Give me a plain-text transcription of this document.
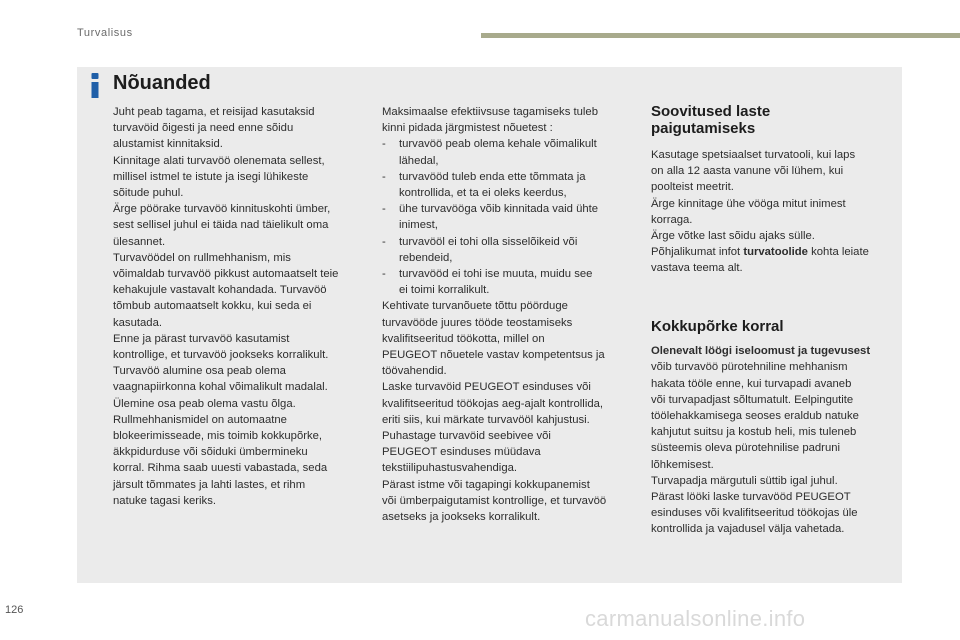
Turvalisus
Nõuanded

Juht peab tagama, et reisijad kasutaksid

turvavöid õigesti ja need enne sõidu

alustamist kinnitaksid.

Kinnitage alati turvavöö olenemata sellest,

millisel istmel te istute ja isegi lühikeste

sõitude puhul.

Ärge pöörake turvavöö kinnituskohti ümber,

sest sellisel juhul ei täida nad täielikult oma

ülesannet.

Turvavöödel on rullmehhanism, mis

võimaldab turvavöö pikkust automaatselt teie

kehakujule vastavalt kohandada. Turvavöö

tõmbub automaatselt kokku, kui seda ei

kasutada.

Enne ja pärast turvavöö kasutamist

kontrollige, et turvavöö jookseks korralikult.

Turvavöö alumine osa peab olema

vaagnapiirkonna kohal võimalikult madalal.

Ülemine osa peab olema vastu õlga.

Rullmehhanismidel on automaatne

blokeerimisseade, mis toimib kokkupõrke,

äkkpidurduse või sõiduki ümbermineku

korral. Rihma saab uuesti vabastada, seda

järsult tõmmates ja lahti lastes, et rihm

natuke tagasi keriks.

Maksimaalse efektiivsuse tagamiseks tuleb

kinni pidada järgmistest nõuetest :

- turvavöö peab olema kehale võimalikult

lähedal,

- turvavööd tuleb enda ette tõmmata ja

kontrollida, et ta ei oleks keerdus,

- ühe turvavööga võib kinnitada vaid ühte

inimest,

- turvavööl ei tohi olla sisselõikeid või

rebendeid,

- turvavööd ei tohi ise muuta, muidu see

ei toimi korralikult.

Kehtivate turvanõuete tõttu pöörduge

turvavööde juures tööde teostamiseks

kvalifitseeritud töökotta, millel on

PEUGEOT nõuetele vastav kompetentsus ja

töövahendid.

Laske turvavöid PEUGEOT esinduses või

kvalifitseeritud töökojas aeg-ajalt kontrollida,

eriti siis, kui märkate turvavööl kahjustusi.

Puhastage turvavöid seebivee või

PEUGEOT esinduses müüdava

tekstiilipuhastusvahendiga.

Pärast istme või tagapingi kokkupanemist

või ümberpaigutamist kontrollige, et turvavöö

asetseks ja jookseks korralikult.

Soovitused laste

paigutamiseks

Kasutage spetsiaalset turvatooli, kui laps

on alla 12 aasta vanune või lühem, kui

poolteist meetrit.

Ärge kinnitage ühe vööga mitut inimest

korraga.

Ärge võtke last sõidu ajaks sülle.

Põhjalikumat infot turvatoolide kohta leiate

vastava teema alt.

Kokkupõrke korral

Olenevalt löögi iseloomust ja tugevusest

võib turvavöö pürotehniline mehhanism

hakata tööle enne, kui turvapadi avaneb

või turvapadjast sõltumatult. Eelpingutite

töölehakkamisega seoses eraldub natuke

kahjutut suitsu ja kostub heli, mis tuleneb

süsteemis oleva pürotehnilise padruni

lõhkemisest.

Turvapadja märgutuli süttib igal juhul.

Pärast lööki laske turvavööd PEUGEOT

esinduses või kvalifitseeritud töökojas üle

kontrollida ja vajadusel välja vahetada.

126	carmanualsonline.info
